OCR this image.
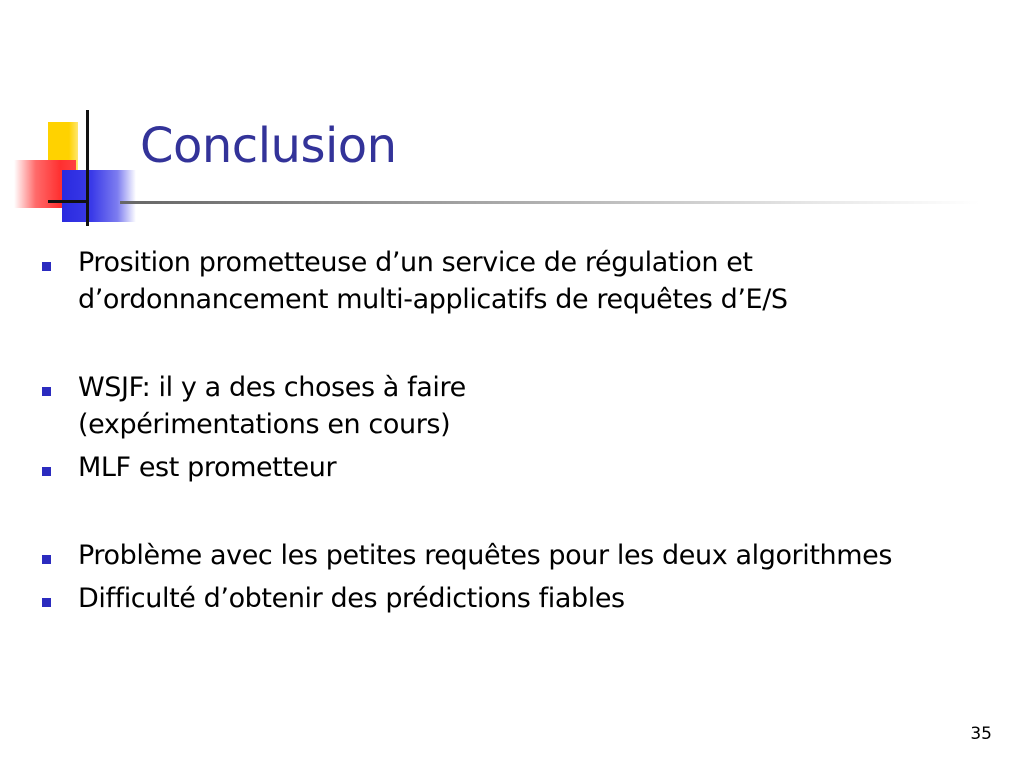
Conclusion
Prosition prometteuse d’un service de régulation et
d’ordonnancement multi-applicatifs de requêtes d’E/S
WSJF: il y a des choses à faire
(expérimentations en cours)
MLF est prometteur
Problème avec les petites requêtes pour les deux algorithmes
Difficulté d’obtenir des prédictions fiables
35
